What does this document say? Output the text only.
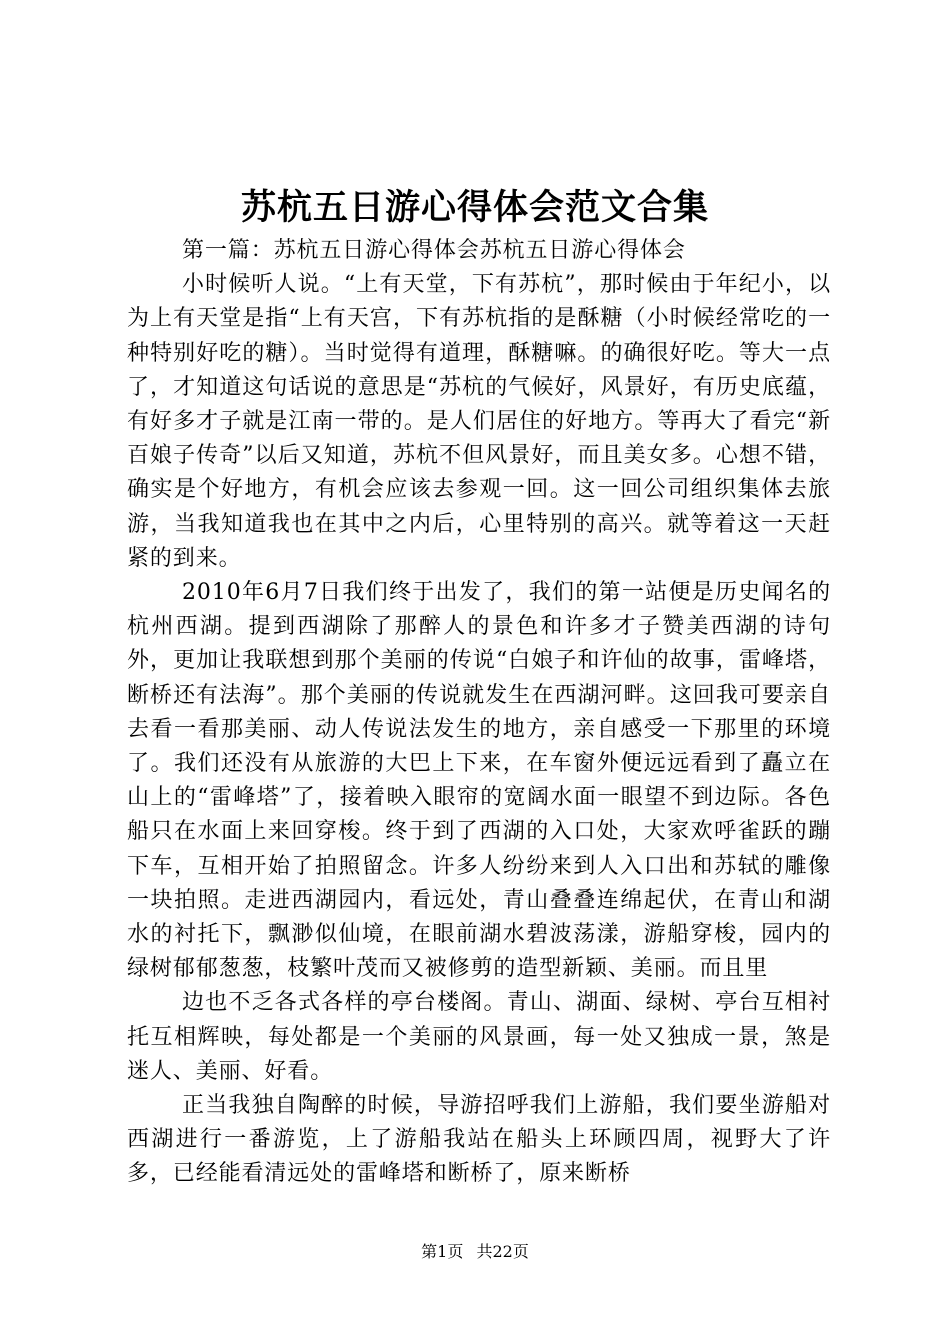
苏杭五日游心得体会范文合集

第一篇：苏杭五日游心得体会苏杭五日游心得体会

小时候听人说。“上有天堂，下有苏杭”，那时候由于年纪小，以为上有天堂是指“上有天宫，下有苏杭指的是酥糖（小时候经常吃的一种特别好吃的糖）。当时觉得有道理，酥糖嘛。的确很好吃。等大一点了，才知道这句话说的意思是“苏杭的气候好，风景好，有历史底蕴，有好多才子就是江南一带的。是人们居住的好地方。等再大了看完“新百娘子传奇”以后又知道，苏杭不但风景好，而且美女多。心想不错，确实是个好地方，有机会应该去参观一回。这一回公司组织集体去旅游，当我知道我也在其中之内后，心里特别的高兴。就等着这一天赶紧的到来。

2010年6月7日我们终于出发了，我们的第一站便是历史闻名的杭州西湖。提到西湖除了那醉人的景色和许多才子赞美西湖的诗句外，更加让我联想到那个美丽的传说“白娘子和许仙的故事，雷峰塔，断桥还有法海”。那个美丽的传说就发生在西湖河畔。这回我可要亲自去看一看那美丽、动人传说法发生的地方，亲自感受一下那里的环境了。我们还没有从旅游的大巴上下来，在车窗外便远远看到了矗立在山上的“雷峰塔”了，接着映入眼帘的宽阔水面一眼望不到边际。各色船只在水面上来回穿梭。终于到了西湖的入口处，大家欢呼雀跃的蹦下车，互相开始了拍照留念。许多人纷纷来到人入口出和苏轼的雕像一块拍照。走进西湖园内，看远处，青山叠叠连绵起伏，在青山和湖水的衬托下，飘渺似仙境，在眼前湖水碧波荡漾，游船穿梭，园内的绿树郁郁葱葱，枝繁叶茂而又被修剪的造型新颖、美丽。而且里

边也不乏各式各样的亭台楼阁。青山、湖面、绿树、亭台互相衬托互相辉映，每处都是一个美丽的风景画，每一处又独成一景，煞是迷人、美丽、好看。

正当我独自陶醉的时候，导游招呼我们上游船，我们要坐游船对西湖进行一番游览，上了游船我站在船头上环顾四周，视野大了许多，已经能看清远处的雷峰塔和断桥了，原来断桥

第1页 共22页
